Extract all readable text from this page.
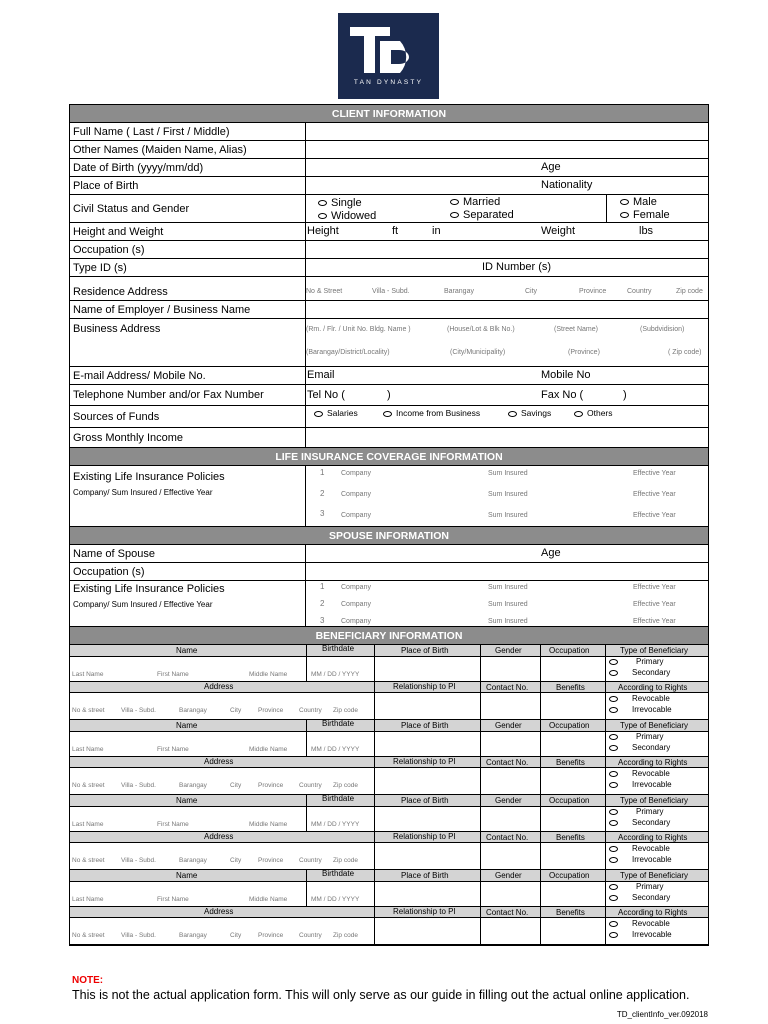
TAN DYNASTY
CLIENT INFORMATION
Full Name ( Last / First / Middle)
Other Names (Maiden Name, Alias)
Date of Birth (yyyy/mm/dd)	Age
Place of Birth	Nationality
Civil Status and Gender	Single
Widowed
Married
Separated
Male
Female
Height and Weight	Height	ft	in	Weight	lbs
Occupation (s)
Type ID (s)	ID Number (s)
Residence Address	No & Street	Villa - Subd.	Barangay	City	Province	Country	Zip code
Name of Employer / Business Name
Business Address	(Rm. / Flr. / Unit No. Bldg. Name )	(House/Lot & Blk No.)	(Street Name)	(Subdvidision)
(Barangay/District/Locality)	(City/Municipality)	(Province)	( Zip code)
E-mail Address/ Mobile No.	Email	Mobile No
Telephone Number and/or Fax Number	Tel No (	)	Fax No (	)
Sources of Funds	Salaries	Income from Business	Savings	Others
Gross Monthly Income
LIFE INSURANCE COVERAGE INFORMATION
Existing Life Insurance Policies
Company/ Sum Insured / Effective Year
1 Company	Sum Insured	Effective Year
2 Company	Sum Insured	Effective Year
3 Company	Sum Insured	Effective Year
SPOUSE INFORMATION
Name of Spouse	Age
Occupation (s)
Existing Life Insurance Policies
Company/ Sum Insured / Effective Year
1 Company	Sum Insured	Effective Year
2 Company	Sum Insured	Effective Year
3 Company	Sum Insured	Effective Year
BENEFICIARY INFORMATION
Name	Birthdate	Place of Birth	Gender	Occupation	Type of Beneficiary
Primary
Secondary
Last Name	First Name	Middle Name	MM / DD / YYYY
Address	Relationship to PI	Contact No.	Benefits	According to Rights
Revocable
Irrevocable
No & street	Villa - Subd.	Barangay	City	Province Country Zip code
Name	Birthdate	Place of Birth	Gender	Occupation	Type of Beneficiary
Primary
Secondary
Last Name	First Name	Middle Name	MM / DD / YYYY
Address	Relationship to PI	Contact No.	Benefits	According to Rights
Revocable
Irrevocable
No & street	Villa - Subd.	Barangay	City	Province Country Zip code
Name	Birthdate	Place of Birth	Gender	Occupation	Type of Beneficiary
Primary
Secondary
Last Name	First Name	Middle Name	MM / DD / YYYY
Address	Relationship to PI	Contact No.	Benefits	According to Rights
Revocable
Irrevocable
No & street	Villa - Subd.	Barangay	City	Province Country Zip code
Name	Birthdate	Place of Birth	Gender	Occupation	Type of Beneficiary
Primary
Secondary
Last Name	First Name	Middle Name	MM / DD / YYYY
Address	Relationship to PI	Contact No.	Benefits	According to Rights
Revocable
Irrevocable
No & street	Villa - Subd.	Barangay	City	Province Country Zip code
NOTE:
This is not the actual application form. This will only serve as our guide in filling out the actual online application.
TD_clientInfo_ver.092018
